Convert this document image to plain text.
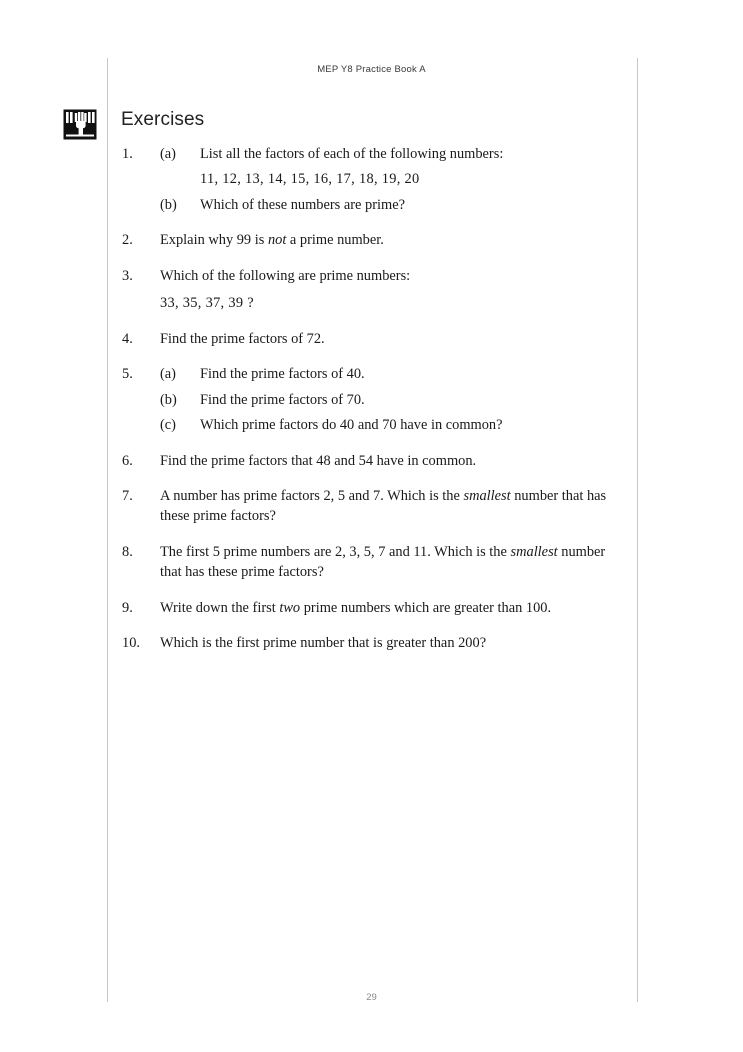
MEP Y8 Practice Book A
Exercises
1.	(a)	List all the factors of each of the following numbers:
11, 12, 13, 14, 15, 16, 17, 18, 19, 20
(b)	Which of these numbers are prime?
2.	Explain why 99 is not a prime number.
3.	Which of the following are prime numbers:
33, 35, 37, 39 ?
4.	Find the prime factors of 72.
5.	(a)	Find the prime factors of 40.
(b)	Find the prime factors of 70.
(c)	Which prime factors do 40 and 70 have in common?
6.	Find the prime factors that 48 and 54 have in common.
7.	A number has prime factors 2, 5 and 7. Which is the smallest number that has these prime factors?
8.	The first 5 prime numbers are 2, 3, 5, 7 and 11. Which is the smallest number that has these prime factors?
9.	Write down the first two prime numbers which are greater than 100.
10.	Which is the first prime number that is greater than 200?
29
